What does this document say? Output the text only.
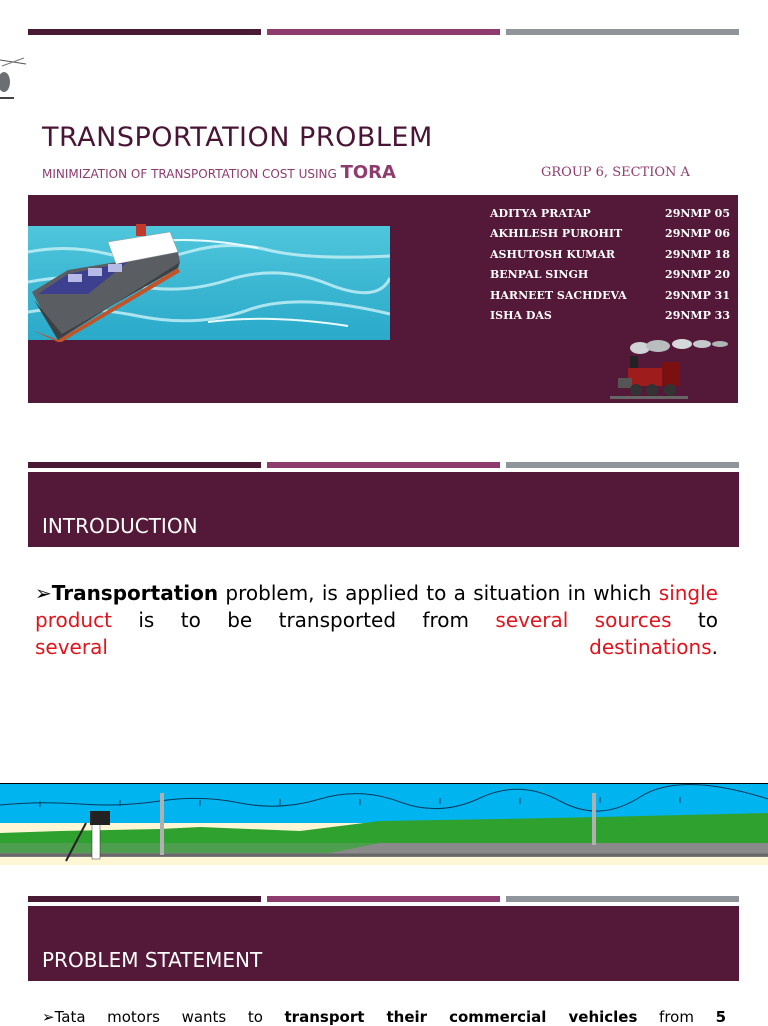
TRANSPORTATION PROBLEM
MINIMIZATION OF TRANSPORTATION COST USING TORA	GROUP 6, SECTION A
ADITYA PRATAP	29NMP 05
AKHILESH PUROHIT	29NMP 06
ASHUTOSH KUMAR	29NMP 18
BENPAL SINGH	29NMP 20
HARNEET SACHDEVA	29NMP 31
ISHA DAS	29NMP 33
INTRODUCTION
➢Transportation problem, is applied to a situation in which single product is to be transported from several sources to
several destinations.
PROBLEM STATEMENT
➢Tata motors wants to transport their commercial vehicles from 5
